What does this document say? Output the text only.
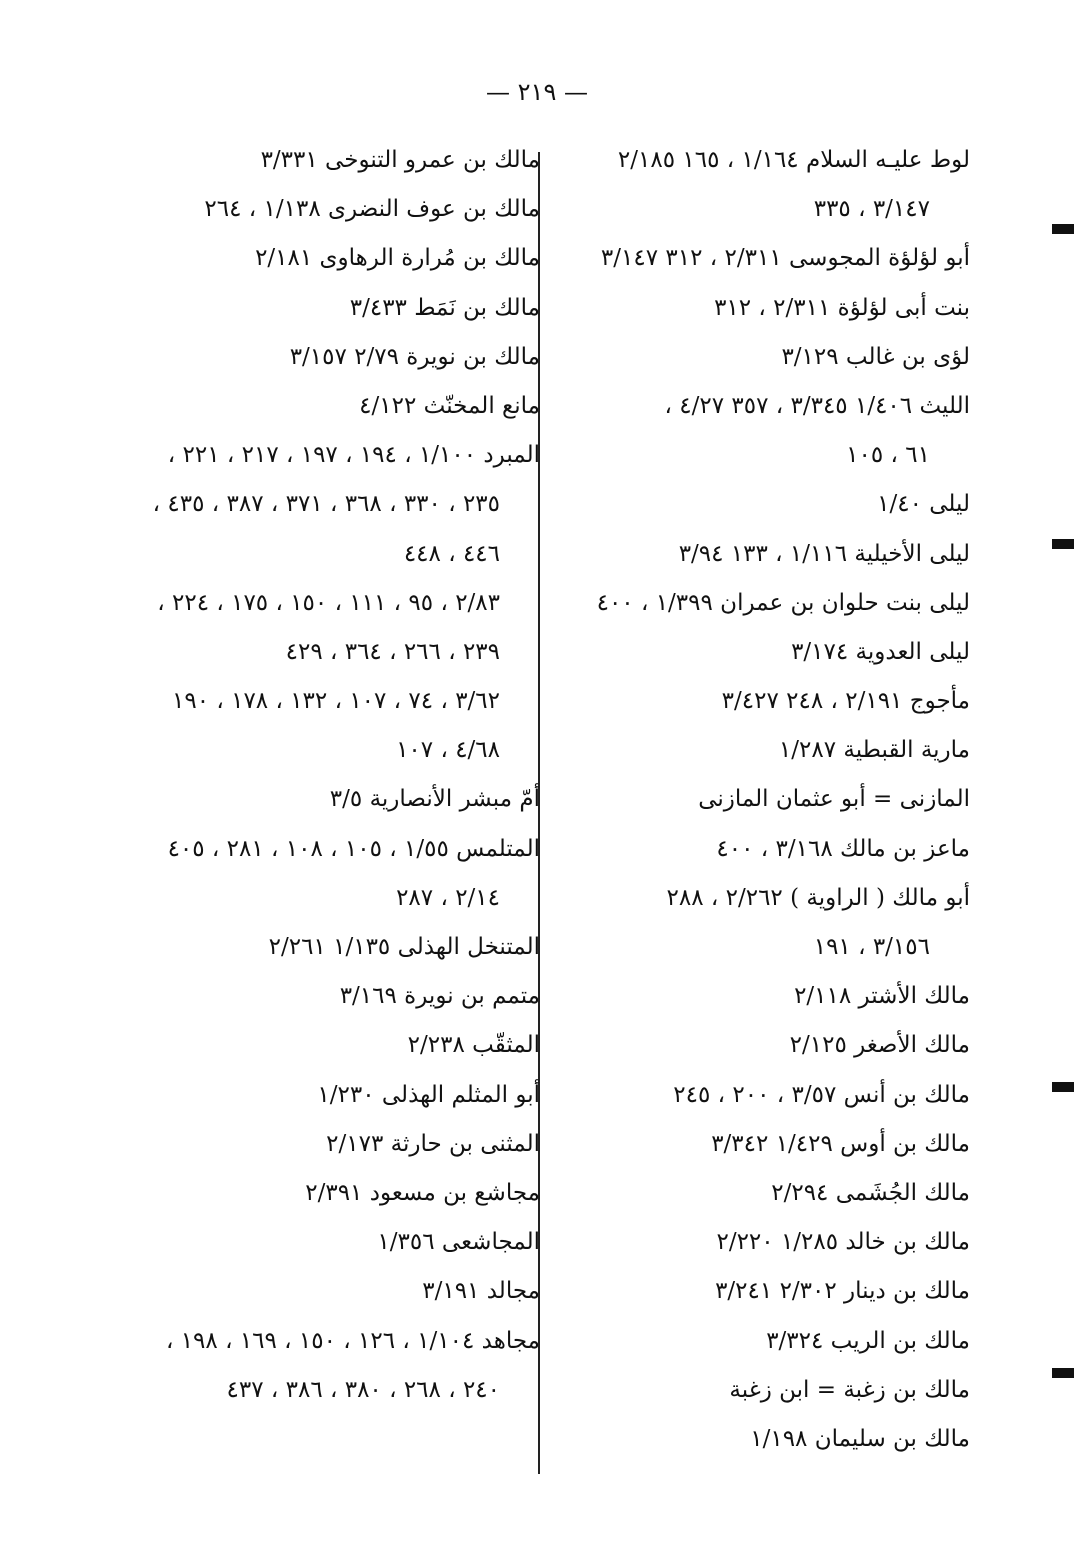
— ٢١٩ —
لوط عليـه السلام ١/١٦٤ ، ١٦٥ ٢/١٨٥
٣/١٤٧ ، ٣٣٥
أبو لؤلؤة المجوسى ٢/٣١١ ، ٣١٢ ٣/١٤٧
بنت أبى لؤلؤة ٢/٣١١ ، ٣١٢
لؤى بن غالب ٣/١٢٩
الليث ١/٤٠٦ ٣/٣٤٥ ، ٣٥٧ ٤/٢٧ ،
٦١ ، ١٠٥
ليلى ١/٤٠
ليلى الأخيلية ١/١١٦ ، ١٣٣ ٣/٩٤
ليلى بنت حلوان بن عمران ١/٣٩٩ ، ٤٠٠
ليلى العدوية ٣/١٧٤
مأجوج ٢/١٩١ ، ٢٤٨ ٣/٤٢٧
مارية القبطية ١/٢٨٧
المازنى = أبو عثمان المازنى
ماعز بن مالك ٣/١٦٨ ، ٤٠٠
أبو مالك ( الراوية ) ٢/٢٦٢ ، ٢٨٨
٣/١٥٦ ، ١٩١
مالك الأشتر ٢/١١٨
مالك الأصغر ٢/١٢٥
مالك بن أنس ٣/٥٧ ، ٢٠٠ ، ٢٤٥
مالك بن أوس ١/٤٢٩ ٣/٣٤٢
مالك الجُشَمى ٢/٢٩٤
مالك بن خالد ١/٢٨٥ ٢/٢٢٠
مالك بن دينار ٢/٣٠٢ ٣/٢٤١
مالك بن الريب ٣/٣٢٤
مالك بن زغبة = ابن زغبة
مالك بن سليمان ١/١٩٨
مالك بن عمرو التنوخى ٣/٣٣١
مالك بن عوف النضرى ١/١٣٨ ، ٢٦٤
مالك بن مُرارة الرهاوى ٢/١٨١
مالك بن نَمَط ٣/٤٣٣
مالك بن نويرة ٢/٧٩ ٣/١٥٧
مانع المخنّث ٤/١٢٢
المبرد ١/١٠٠ ، ١٩٤ ، ١٩٧ ، ٢١٧ ، ٢٢١ ،
٢٣٥ ، ٣٣٠ ، ٣٦٨ ، ٣٧١ ، ٣٨٧ ، ٤٣٥ ،
٤٤٦ ، ٤٤٨
٢/٨٣ ، ٩٥ ، ١١١ ، ١٥٠ ، ١٧٥ ، ٢٢٤ ،
٢٣٩ ، ٢٦٦ ، ٣٦٤ ، ٤٢٩
٣/٦٢ ، ٧٤ ، ١٠٧ ، ١٣٢ ، ١٧٨ ، ١٩٠
٤/٦٨ ، ١٠٧
أمّ مبشر الأنصارية ٣/٥
المتلمس ١/٥٥ ، ١٠٥ ، ١٠٨ ، ٢٨١ ، ٤٠٥
٢/١٤ ، ٢٨٧
المتنخل الهذلى ١/١٣٥ ٢/٢٦١
متمم بن نويرة ٣/١٦٩
المثقّب ٢/٢٣٨
أبو المثلم الهذلى ١/٢٣٠
المثنى بن حارثة ٢/١٧٣
مجاشع بن مسعود ٢/٣٩١
المجاشعى ١/٣٥٦
مجالد ٣/١٩١
مجاهد ١/١٠٤ ، ١٢٦ ، ١٥٠ ، ١٦٩ ، ١٩٨ ،
٢٤٠ ، ٢٦٨ ، ٣٨٠ ، ٣٨٦ ، ٤٣٧
